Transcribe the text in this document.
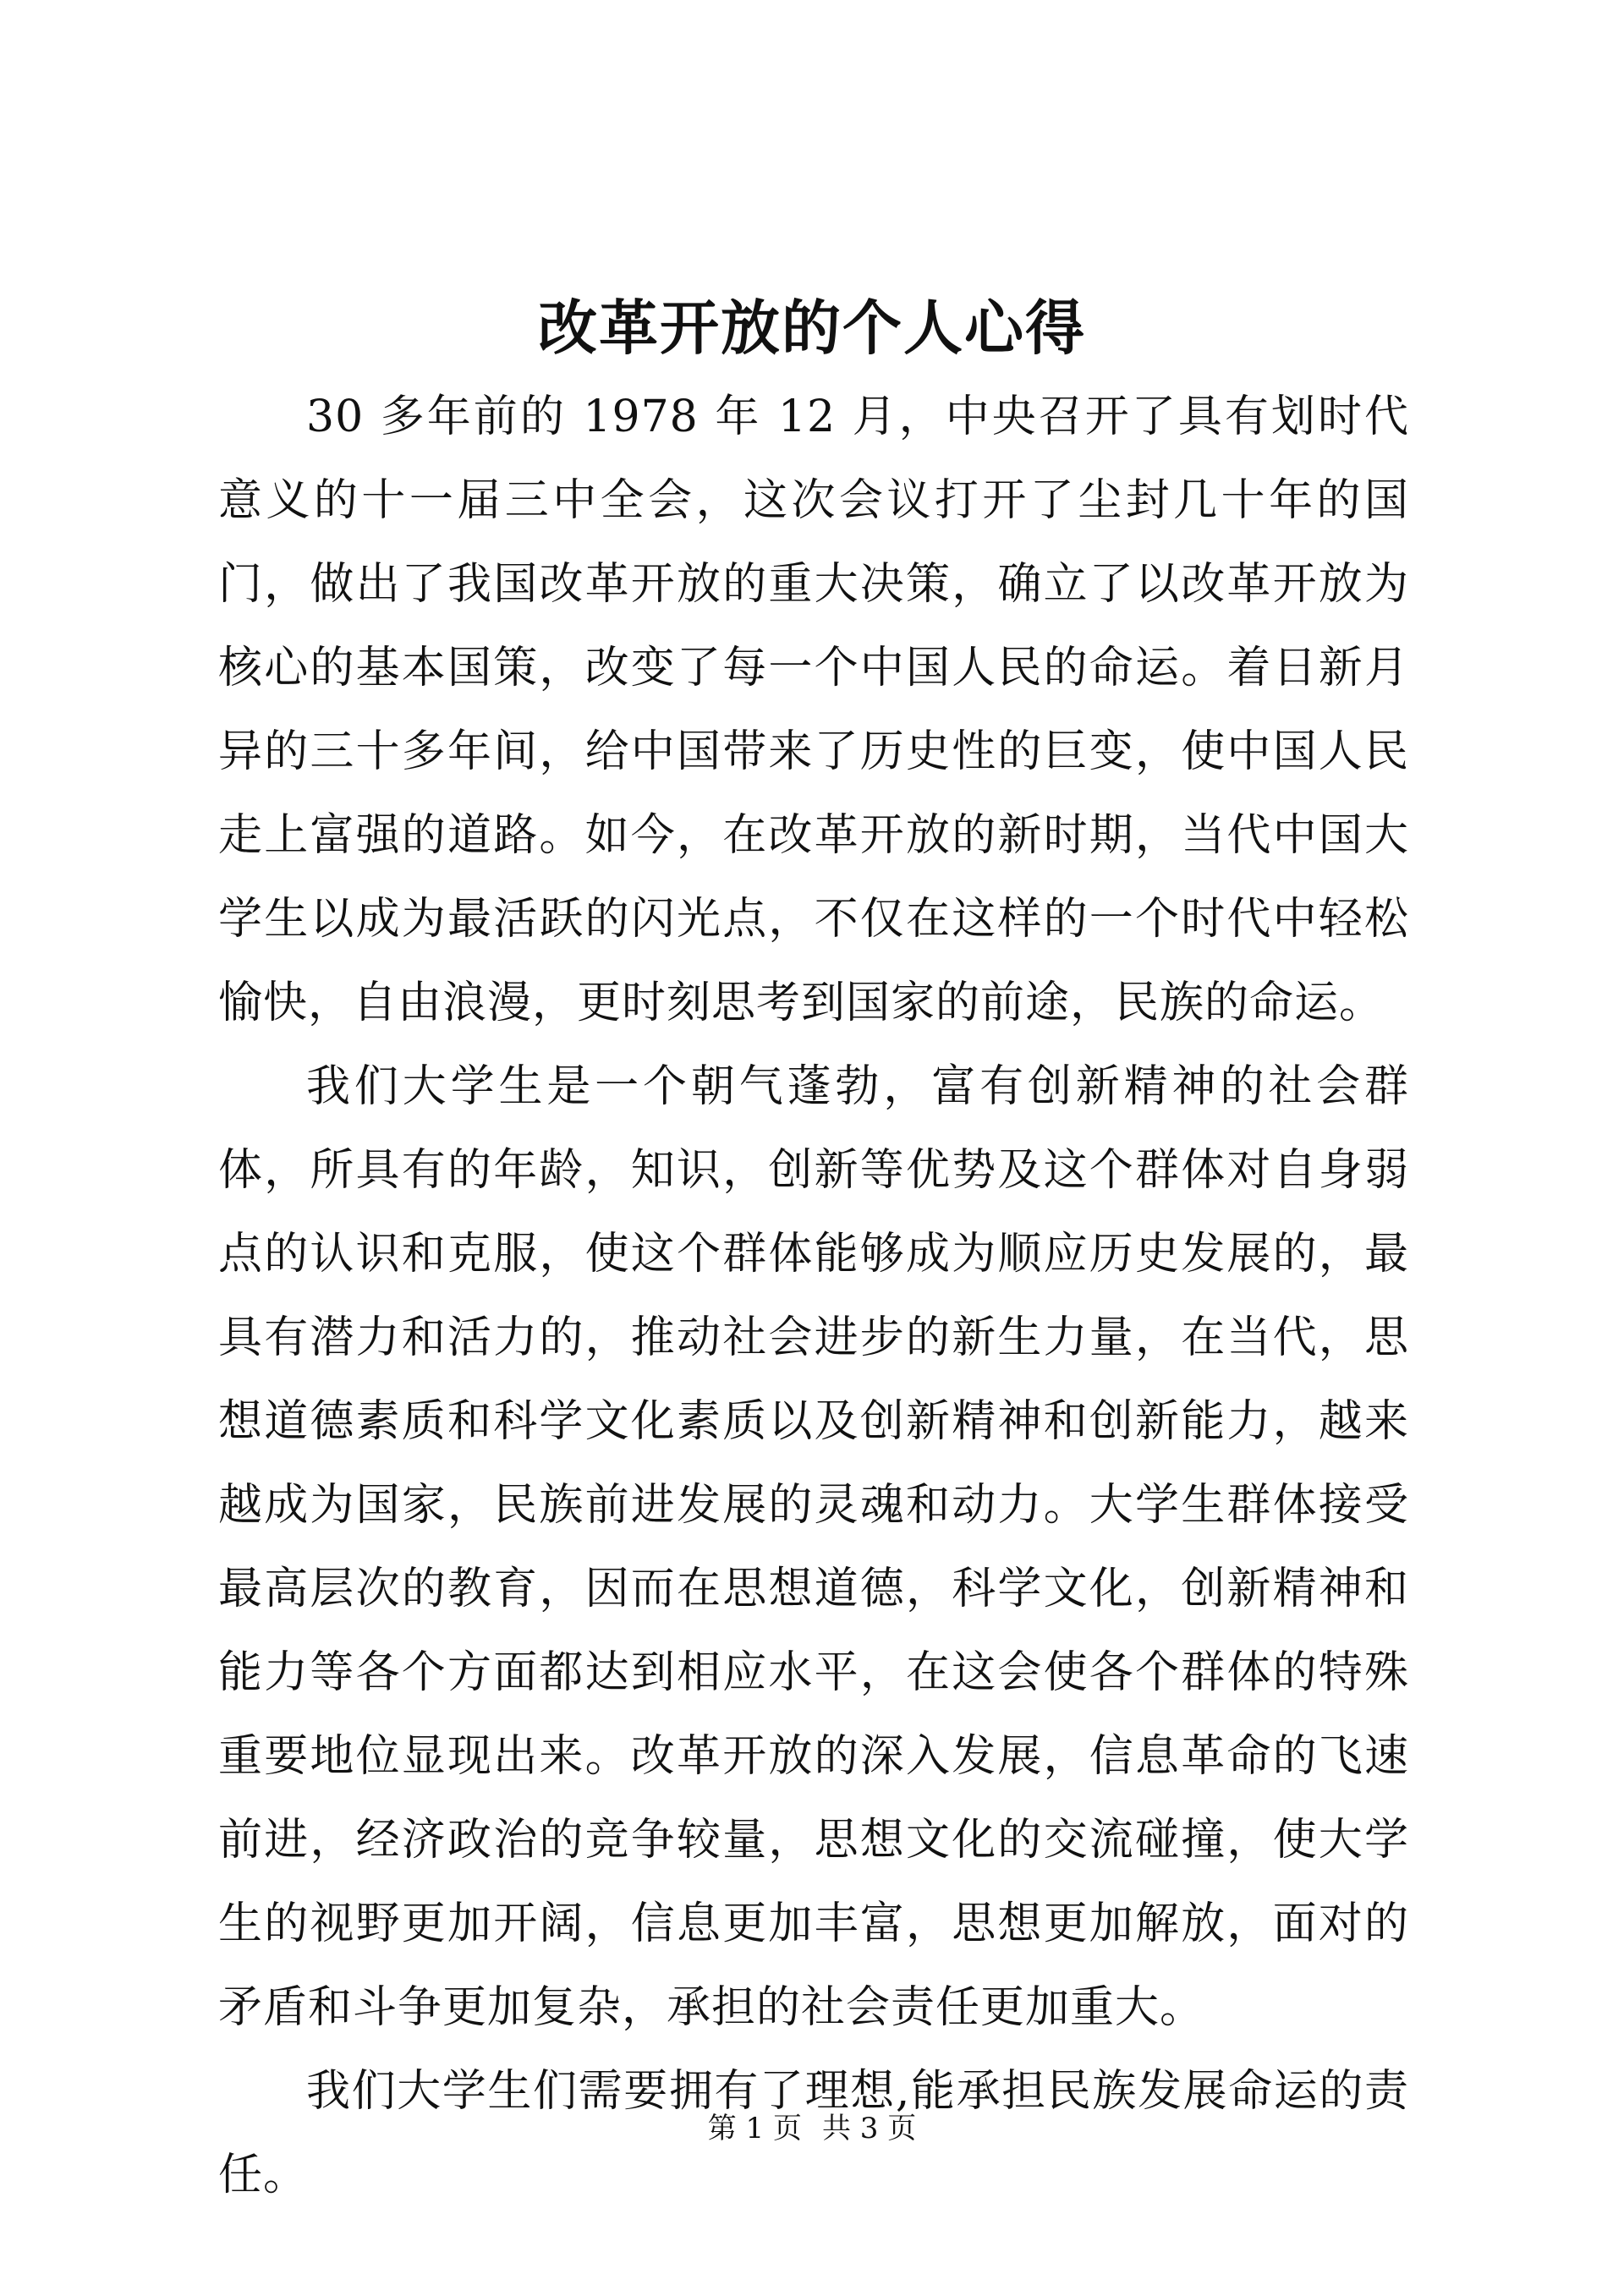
改革开放的个人心得

30 多年前的 1978 年 12 月，中央召开了具有划时代意义的十一届三中全会，这次会议打开了尘封几十年的国门，做出了我国改革开放的重大决策，确立了以改革开放为核心的基本国策，改变了每一个中国人民的命运。着日新月异的三十多年间，给中国带来了历史性的巨变，使中国人民走上富强的道路。如今，在改革开放的新时期，当代中国大学生以成为最活跃的闪光点，不仅在这样的一个时代中轻松愉快，自由浪漫，更时刻思考到国家的前途，民族的命运。

我们大学生是一个朝气蓬勃，富有创新精神的社会群体，所具有的年龄，知识，创新等优势及这个群体对自身弱点的认识和克服，使这个群体能够成为顺应历史发展的，最具有潜力和活力的，推动社会进步的新生力量，在当代，思想道德素质和科学文化素质以及创新精神和创新能力，越来越成为国家，民族前进发展的灵魂和动力。大学生群体接受最高层次的教育，因而在思想道德，科学文化，创新精神和能力等各个方面都达到相应水平，在这会使各个群体的特殊重要地位显现出来。改革开放的深入发展，信息革命的飞速前进，经济政治的竞争较量，思想文化的交流碰撞，使大学生的视野更加开阔，信息更加丰富，思想更加解放，面对的矛盾和斗争更加复杂，承担的社会责任更加重大。

我们大学生们需要拥有了理想,能承担民族发展命运的责任。

第 1 页 共 3 页
